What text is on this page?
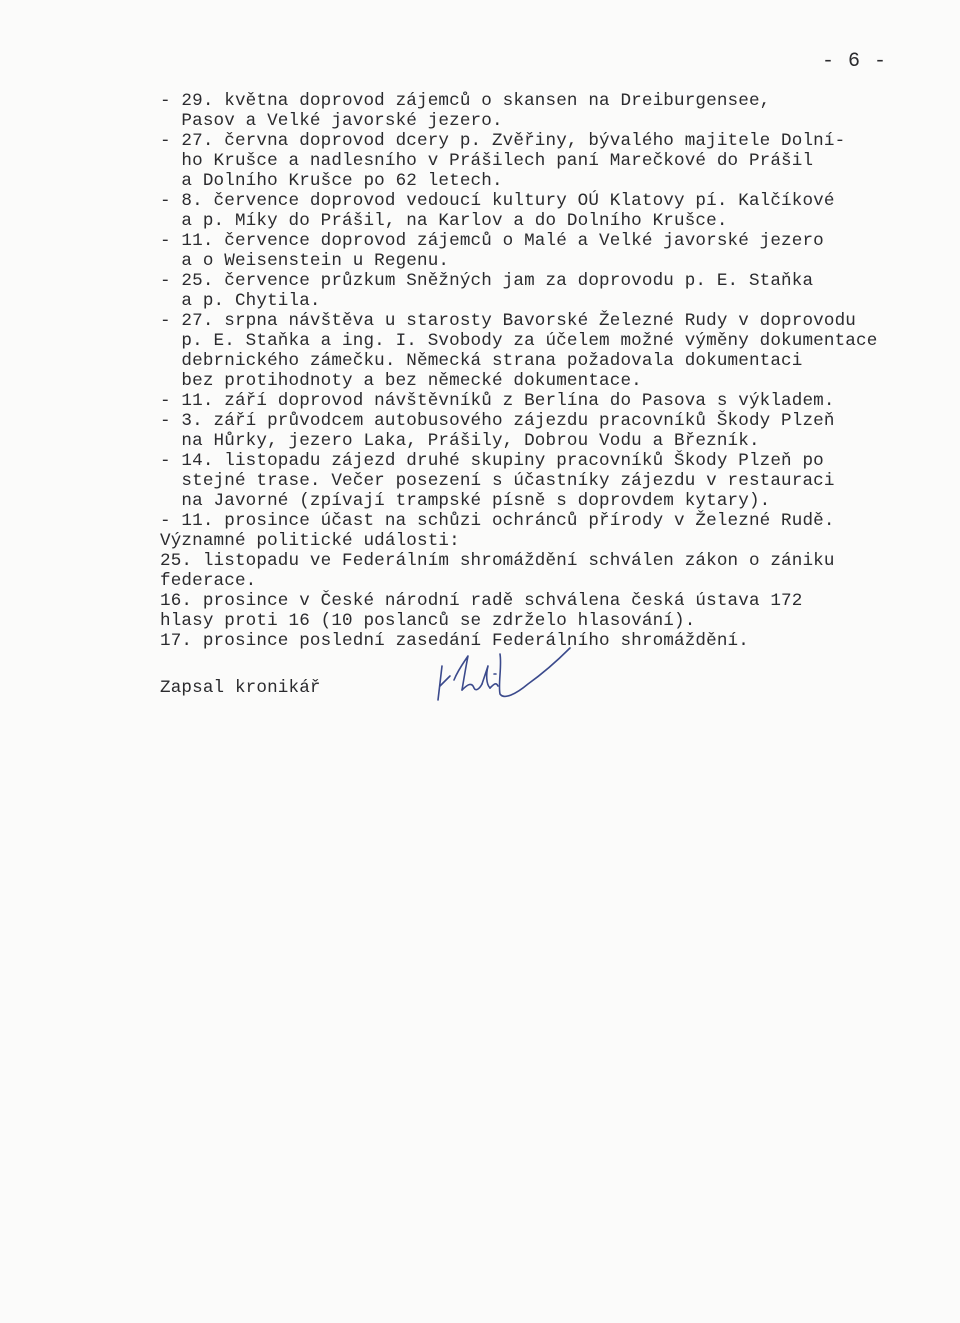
- 6 -
- 29. května doprovod zájemců o skansen na Dreiburgensee,
Pasov a Velké javorské jezero.
- 27. června doprovod dcery p. Zvěřiny, bývalého majitele Dolní-
ho Krušce a nadlesního v Prášilech paní Marečkové do Prášil
a Dolního Krušce po 62 letech.
- 8. července doprovod vedoucí kultury OÚ Klatovy pí. Kalčíkové
a p. Míky do Prášil, na Karlov a do Dolního Krušce.
- 11. července doprovod zájemců o Malé a Velké javorské jezero
a o Weisenstein u Regenu.
- 25. července průzkum Sněžných jam za doprovodu p. E. Staňka
a p. Chytila.
- 27. srpna návštěva u starosty Bavorské Železné Rudy v doprovodu
p. E. Staňka a ing. I. Svobody za účelem možné výměny dokumentace
debrnického zámečku. Německá strana požadovala dokumentaci
bez protihodnoty a bez německé dokumentace.
- 11. září doprovod návštěvníků z Berlína do Pasova s výkladem.
- 3. září průvodcem autobusového zájezdu pracovníků Škody Plzeň
na Hůrky, jezero Laka, Prášily, Dobrou Vodu a Březník.
- 14. listopadu zájezd druhé skupiny pracovníků Škody Plzeň po
stejné trase. Večer posezení s účastníky zájezdu v restauraci
na Javorné (zpívají trampské písně s doprovdem kytary).
- 11. prosince účast na schůzi ochránců přírody v Železné Rudě.
Významné politické události:
25. listopadu ve Federálním shromáždění schválen zákon o zániku
federace.
16. prosince v České národní radě schválena česká ústava 172
hlasy proti 16 (10 poslanců se zdrželo hlasování).
17. prosince poslední zasedání Federálního shromáždění.
Zapsal kronikář
